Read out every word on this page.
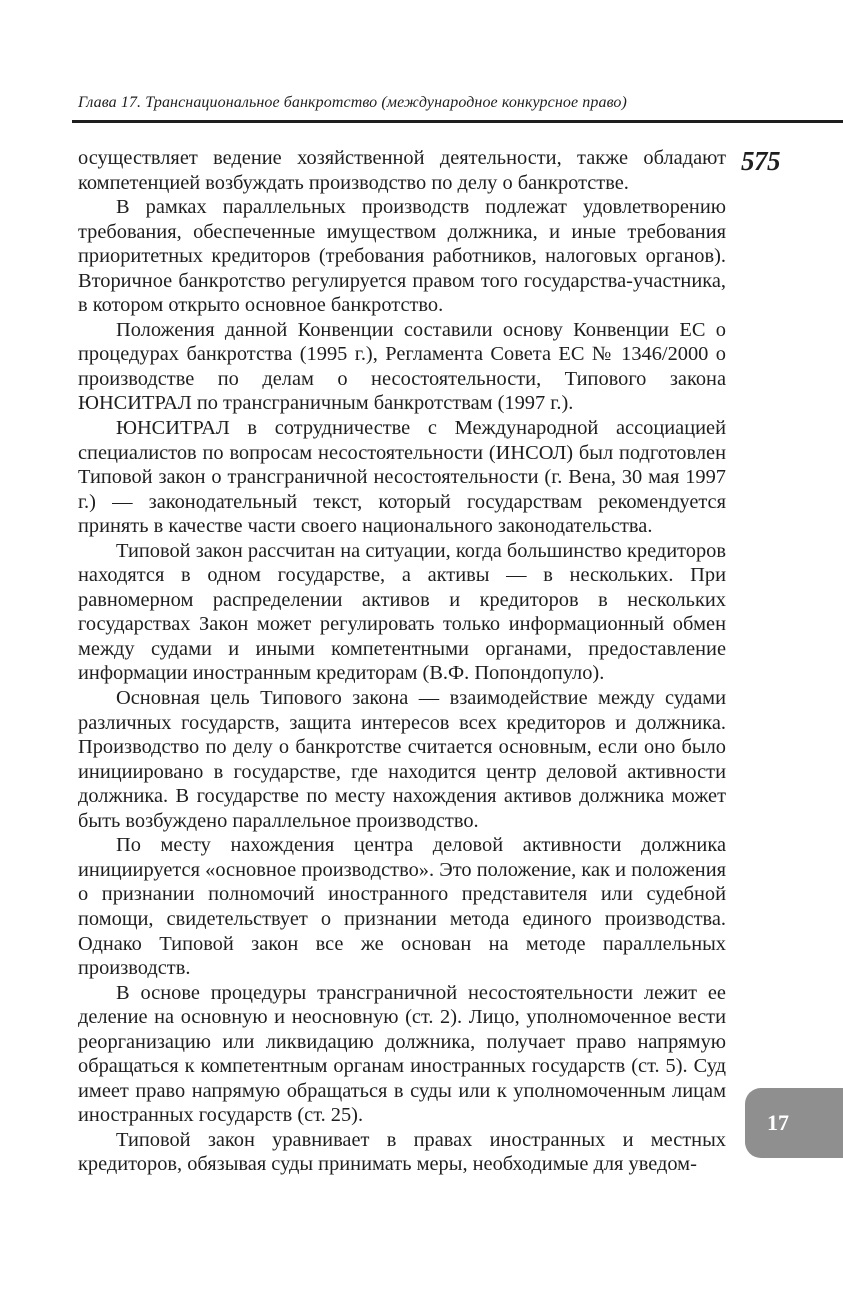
Глава 17. Транснациональное банкротство (международное конкурсное право)
575

осуществляет ведение хозяйственной деятельности, также обладают компетенцией возбуждать производство по делу о банкротстве.

В рамках параллельных производств подлежат удовлетворению требования, обеспеченные имуществом должника, и иные требования приоритетных кредиторов (требования работников, налоговых органов). Вторичное банкротство регулируется правом того государства-участника, в котором открыто основное банкротство.

Положения данной Конвенции составили основу Конвенции ЕС о процедурах банкротства (1995 г.), Регламента Совета ЕС № 1346/2000 о производстве по делам о несостоятельности, Типового закона ЮНСИТРАЛ по трансграничным банкротствам (1997 г.).

ЮНСИТРАЛ в сотрудничестве с Международной ассоциацией специалистов по вопросам несостоятельности (ИНСОЛ) был подготовлен Типовой закон о трансграничной несостоятельности (г. Вена, 30 мая 1997 г.) — законодательный текст, который государствам рекомендуется принять в качестве части своего национального законодательства.

Типовой закон рассчитан на ситуации, когда большинство кредиторов находятся в одном государстве, а активы — в нескольких. При равномерном распределении активов и кредиторов в нескольких государствах Закон может регулировать только информационный обмен между судами и иными компетентными органами, предоставление информации иностранным кредиторам (В.Ф. Попондопуло).

Основная цель Типового закона — взаимодействие между судами различных государств, защита интересов всех кредиторов и должника. Производство по делу о банкротстве считается основным, если оно было инициировано в государстве, где находится центр деловой активности должника. В государстве по месту нахождения активов должника может быть возбуждено параллельное производство.

По месту нахождения центра деловой активности должника инициируется «основное производство». Это положение, как и положения о признании полномочий иностранного представителя или судебной помощи, свидетельствует о признании метода единого производства. Однако Типовой закон все же основан на методе параллельных производств.

В основе процедуры трансграничной несостоятельности лежит ее деление на основную и неосновную (ст. 2). Лицо, уполномоченное вести реорганизацию или ликвидацию должника, получает право напрямую обращаться к компетентным органам иностранных государств (ст. 5). Суд имеет право напрямую обращаться в суды или к уполномоченным лицам иностранных государств (ст. 25).

Типовой закон уравнивает в правах иностранных и местных кредиторов, обязывая суды принимать меры, необходимые для уведом-

17
